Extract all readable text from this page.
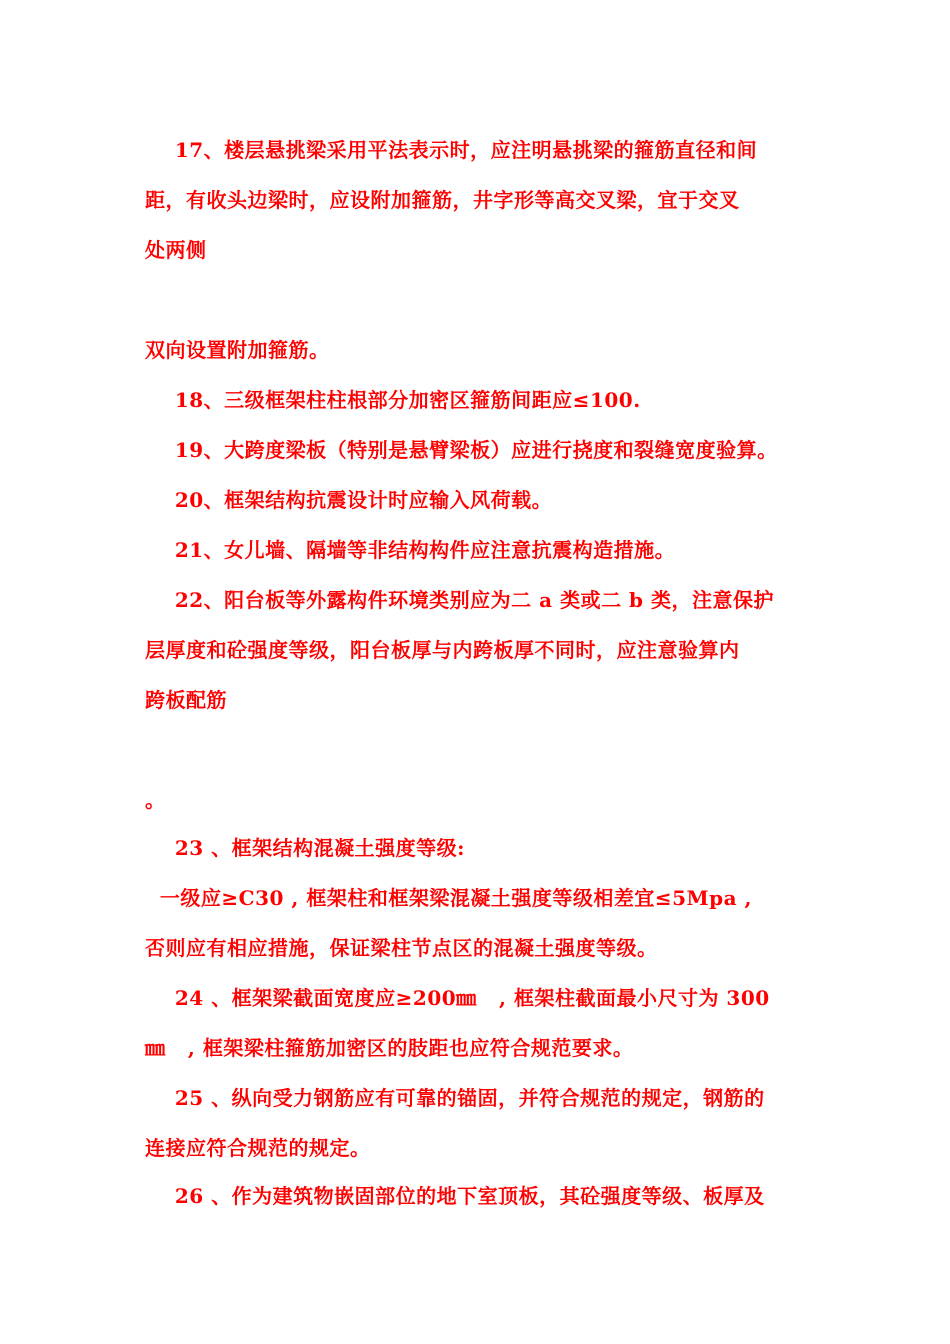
17、楼层悬挑梁采用平法表示时，应注明悬挑梁的箍筋直径和间
距，有收头边梁时，应设附加箍筋，井字形等高交叉梁，宜于交叉
处两侧
双向设置附加箍筋。
18、三级框架柱柱根部分加密区箍筋间距应≤100.
19、大跨度梁板（特别是悬臂梁板）应进行挠度和裂缝宽度验算。
20、框架结构抗震设计时应输入风荷载。
21、女儿墙、隔墙等非结构构件应注意抗震构造措施。
22、阳台板等外露构件环境类别应为二 a 类或二 b 类，注意保护
层厚度和砼强度等级，阳台板厚与内跨板厚不同时，应注意验算内
跨板配筋
。
23 、框架结构混凝土强度等级:
一级应≥C30 , 框架柱和框架梁混凝土强度等级相差宜≤5Mpa ,
否则应有相应措施，保证梁柱节点区的混凝土强度等级。
24 、框架梁截面宽度应≥200㎜   , 框架柱截面最小尺寸为 300
㎜   , 框架梁柱箍筋加密区的肢距也应符合规范要求。
25 、纵向受力钢筋应有可靠的锚固，并符合规范的规定，钢筋的
连接应符合规范的规定。
26 、作为建筑物嵌固部位的地下室顶板，其砼强度等级、板厚及
